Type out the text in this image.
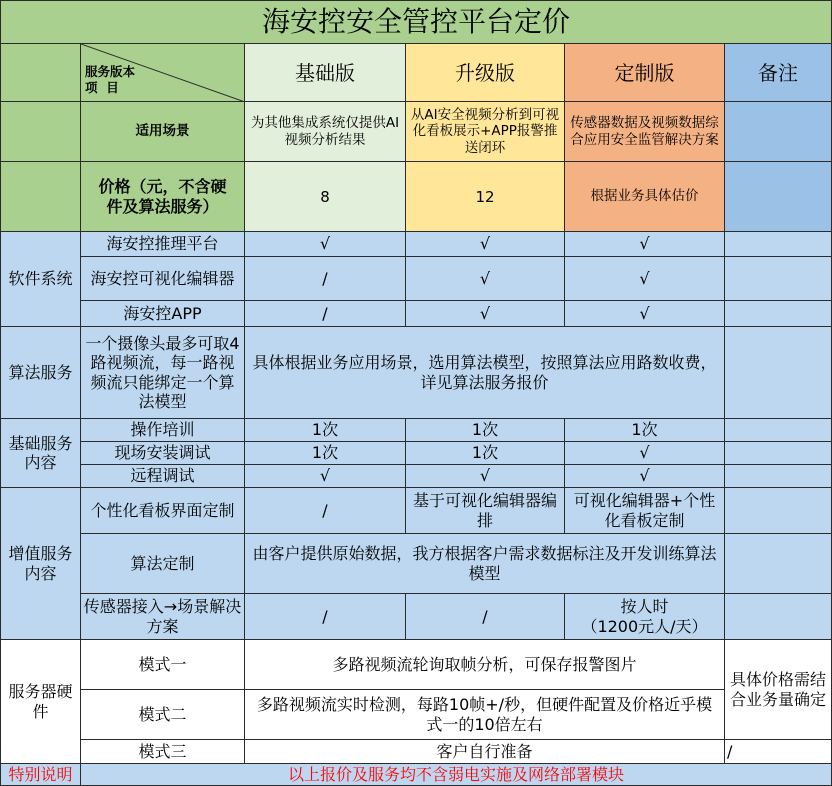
海安控安全管控平台定价					

	服务版本
项  目	基础版	升级版	定制版	备注
	适用场景	为其他集成系统仅提供AI视频分析结果	从AI安全视频分析到可视化看板展示+APP报警推送闭环	传感器数据及视频数据综合应用安全监管解决方案	
	价格（元，不含硬件及算法服务）	8	12	根据业务具体估价	
软件系统	海安控推理平台	√	√	√	
	海安控可视化编辑器	/	√	√	
	海安控APP	/	√	√	
算法服务	一个摄像头最多可取4路视频流，每一路视频流只能绑定一个算法模型	具体根据业务应用场景，选用算法模型，按照算法应用路数收费，详见算法服务报价			
基础服务内容	操作培训	1次	1次	1次	
	现场安装调试	1次	1次	√	
	远程调试	√	√	√	
增值服务内容	个性化看板界面定制	/	基于可视化编辑器编排	可视化编辑器+个性化看板定制	
	算法定制	由客户提供原始数据，我方根据客户需求数据标注及开发训练算法模型			
	传感器接入→场景解决方案	/	/	按人时
（1200元人/天）	

服务器硬件	模式一	多路视频流轮询取帧分析，可保存报警图片			具体价格需结合业务量确定
	模式二	多路视频流实时检测，每路10帧+/秒，但硬件配置及价格近乎模式一的10倍左右			
	模式三	客户自行准备			/
特别说明	以上报价及服务均不含弱电实施及网络部署模块				
